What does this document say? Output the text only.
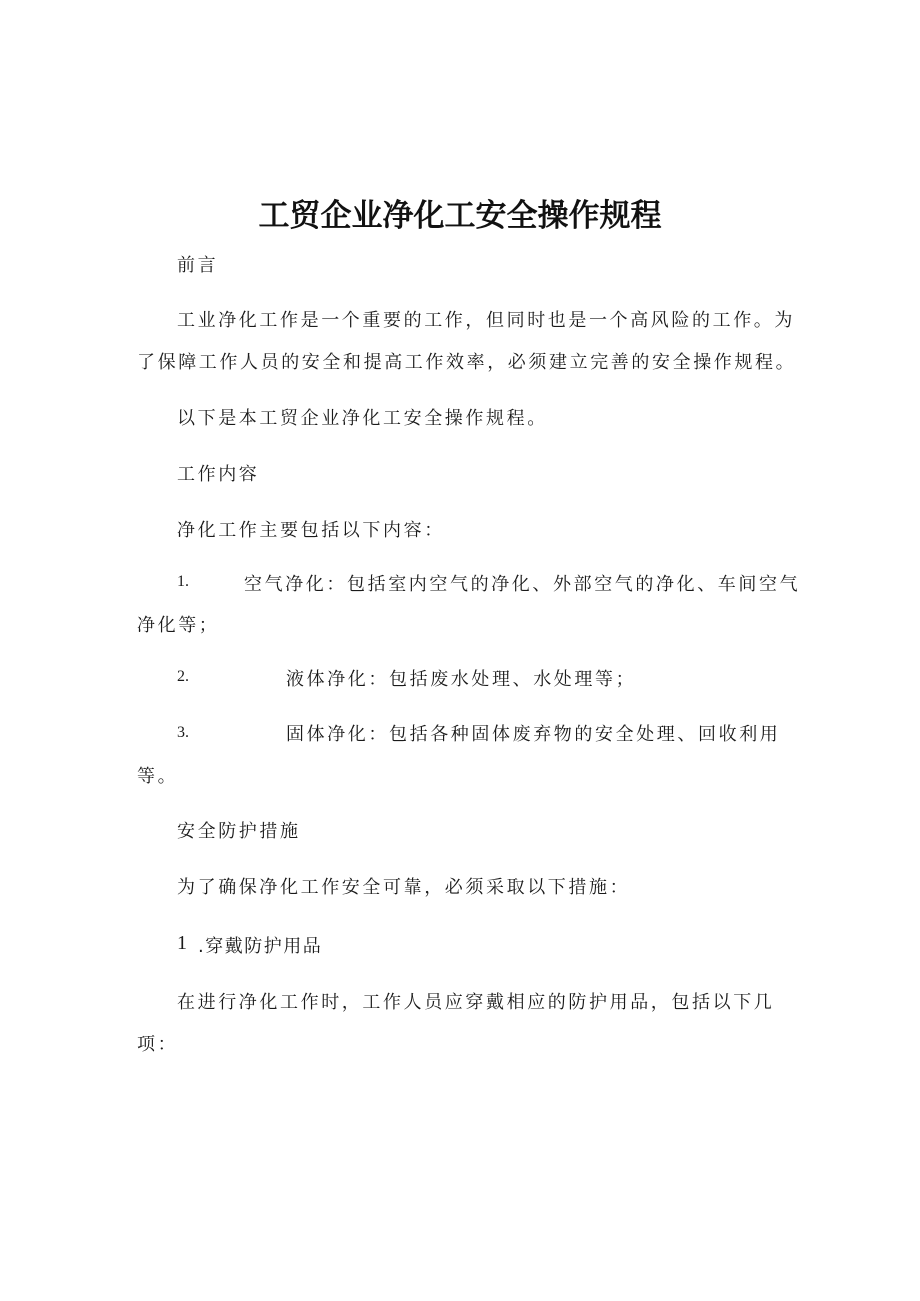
工贸企业净化工安全操作规程
前言
工业净化工作是一个重要的工作，但同时也是一个高风险的工作。为
了保障工作人员的安全和提高工作效率，必须建立完善的安全操作规程。
以下是本工贸企业净化工安全操作规程。
工作内容
净化工作主要包括以下内容：
1.	空气净化：包括室内空气的净化、外部空气的净化、车间空气
净化等；
2.	液体净化：包括废水处理、水处理等；
3.	固体净化：包括各种固体废弃物的安全处理、回收利用
等。
安全防护措施
为了确保净化工作安全可靠，必须采取以下措施：
1 .穿戴防护用品
在进行净化工作时，工作人员应穿戴相应的防护用品，包括以下几
项：
